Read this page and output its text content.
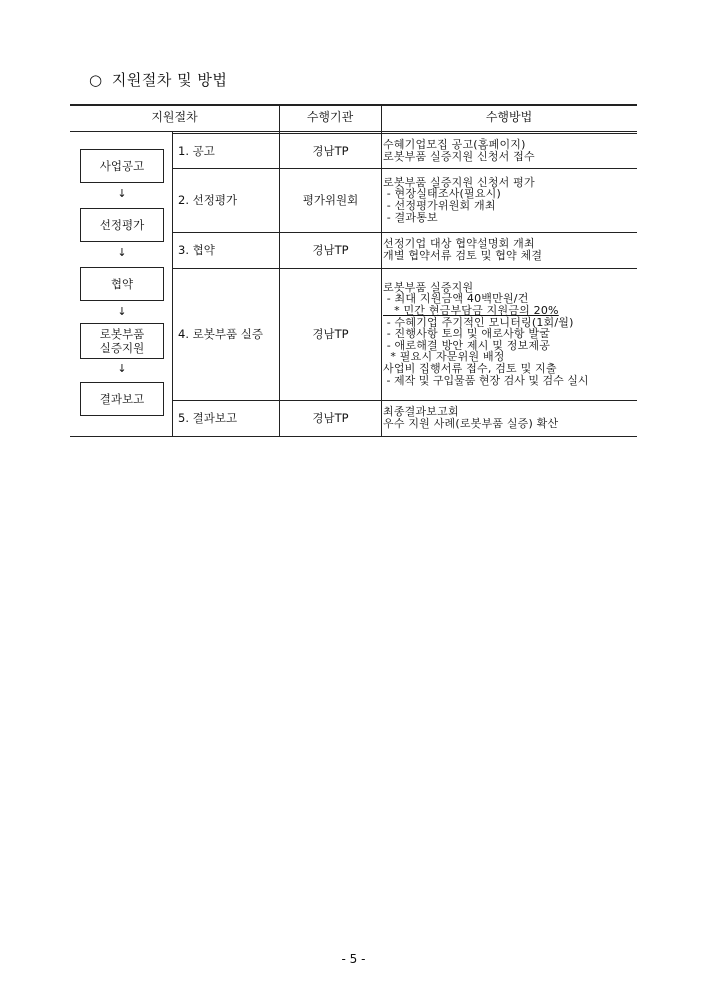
○ 지원절차 및 방법
지원절차	수행기관	수행방법
사업공고
↓
선정평가
↓
협약
↓
로봇부품
실증지원
↓
결과보고
1. 공고	경남TP	수혜기업모집 공고(홈페이지)
로봇부품 실증지원 신청서 접수
2. 선정평가	평가위원회
로봇부품 실증지원 신청서 평가
- 현장실태조사(필요시)
- 선정평가위원회 개최
- 결과통보
3. 협약	경남TP	선정기업 대상 협약설명회 개최
개별 협약서류 검토 및 협약 체결
4. 로봇부품 실증	경남TP
로봇부품 실증지원
- 최대 지원금액 40백만원/건
* 민간 현금부담금 지원금의 20%
- 수혜기업 주기적인 모니터링(1회/월)
- 진행사항 토의 및 애로사항 발굴
- 애로해결 방안 제시 및 정보제공
* 필요시 자문위원 배정
사업비 집행서류 접수, 검토 및 지출
- 제작 및 구입물품 현장 검사 및 검수 실시
5. 결과보고	경남TP	최종결과보고회
우수 지원 사례(로봇부품 실증) 확산
- 5 -
